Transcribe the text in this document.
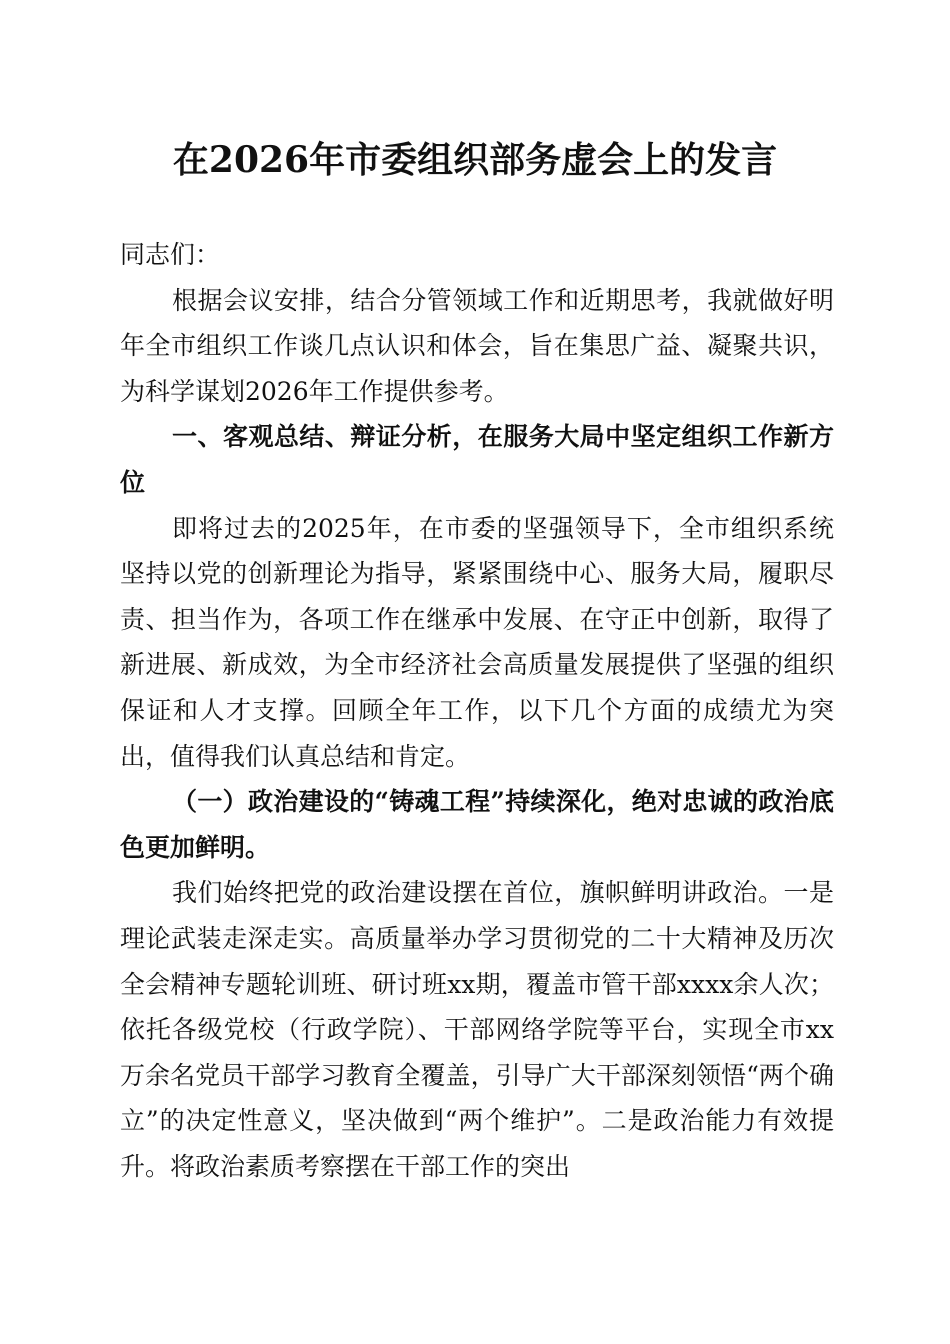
在2026年市委组织部务虚会上的发言

同志们：

根据会议安排，结合分管领域工作和近期思考，我就做好明年全市组织工作谈几点认识和体会，旨在集思广益、凝聚共识，为科学谋划2026年工作提供参考。

一、客观总结、辩证分析，在服务大局中坚定组织工作新方位

即将过去的2025年，在市委的坚强领导下，全市组织系统坚持以党的创新理论为指导，紧紧围绕中心、服务大局，履职尽责、担当作为，各项工作在继承中发展、在守正中创新，取得了新进展、新成效，为全市经济社会高质量发展提供了坚强的组织保证和人才支撑。回顾全年工作，以下几个方面的成绩尤为突出，值得我们认真总结和肯定。

（一）政治建设的“铸魂工程”持续深化，绝对忠诚的政治底色更加鲜明。

我们始终把党的政治建设摆在首位，旗帜鲜明讲政治。一是理论武装走深走实。高质量举办学习贯彻党的二十大精神及历次全会精神专题轮训班、研讨班xx期，覆盖市管干部xxxx余人次；依托各级党校（行政学院）、干部网络学院等平台，实现全市xx万余名党员干部学习教育全覆盖，引导广大干部深刻领悟“两个确立”的决定性意义，坚决做到“两个维护”。二是政治能力有效提升。将政治素质考察摆在干部工作的突出
